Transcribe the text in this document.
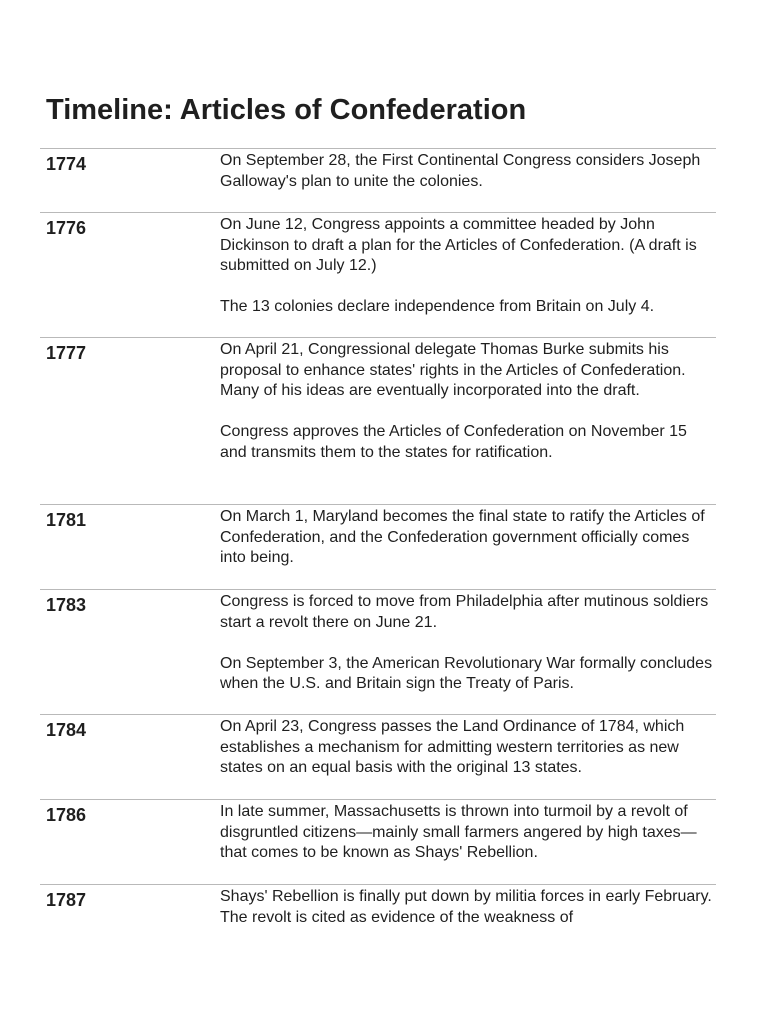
Timeline: Articles of Confederation
1774	On September 28, the First Continental Congress considers Joseph Galloway's plan to unite the colonies.

1776	On June 12, Congress appoints a committee headed by John Dickinson to draft a plan for the Articles of Confederation. (A draft is submitted on July 12.)

The 13 colonies declare independence from Britain on July 4.

1777	On April 21, Congressional delegate Thomas Burke submits his proposal to enhance states' rights in the Articles of Confederation. Many of his ideas are eventually incorporated into the draft.

Congress approves the Articles of Confederation on November 15 and transmits them to the states for ratification.

1781	On March 1, Maryland becomes the final state to ratify the Articles of Confederation, and the Confederation government officially comes into being.

1783	Congress is forced to move from Philadelphia after mutinous soldiers start a revolt there on June 21.

On September 3, the American Revolutionary War formally concludes when the U.S. and Britain sign the Treaty of Paris.

1784	On April 23, Congress passes the Land Ordinance of 1784, which establishes a mechanism for admitting western territories as new states on an equal basis with the original 13 states.

1786	In late summer, Massachusetts is thrown into turmoil by a revolt of disgruntled citizens—mainly small farmers angered by high taxes—that comes to be known as Shays' Rebellion.

1787	Shays' Rebellion is finally put down by militia forces in early February. The revolt is cited as evidence of the weakness of
